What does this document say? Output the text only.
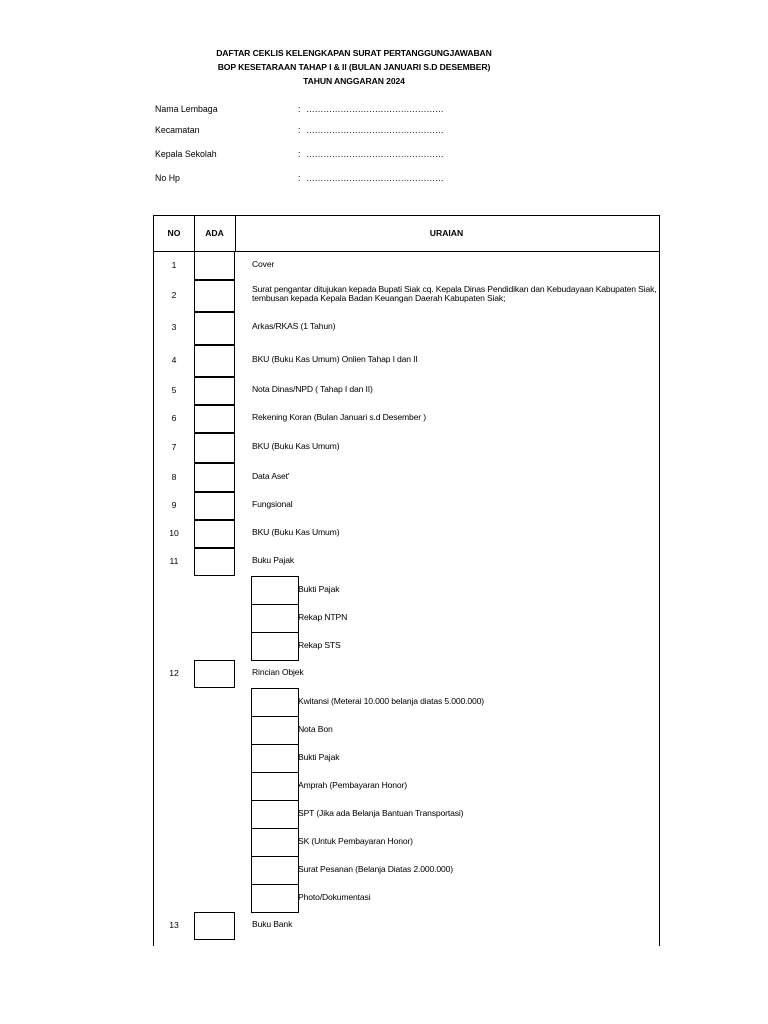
DAFTAR CEKLIS KELENGKAPAN SURAT PERTANGGUNGJAWABAN
BOP KESETARAAN TAHAP I & II (BULAN JANUARI S.D DESEMBER)
TAHUN ANGGARAN 2024
Nama Lembaga	: …………………………………………
Kecamatan	: …………………………………………
Kepala Sekolah	: …………………………………………
No Hp	: …………………………………………
NO	ADA	URAIAN
1	Cover
2
Surat pengantar ditujukan kepada Bupati Siak cq. Kepala Dinas Pendidikan dan Kebudayaan Kabupaten Siak,
tembusan kepada Kepala Badan Keuangan Daerah Kabupaten Siak;
3	Arkas/RKAS (1 Tahun)
4	BKU (Buku Kas Umum) Onlien Tahap I dan II
5	Nota Dinas/NPD ( Tahap I dan II)
6	Rekening Koran (Bulan Januari s.d Desember )
7	BKU (Buku Kas Umum)
8	Data Aset'
9	Fungsional
10	BKU (Buku Kas Umum)
11	Buku Pajak
Bukti Pajak
Rekap NTPN
Rekap STS
12	Rincian Objek
Kwitansi (Meterai 10.000 belanja diatas 5.000.000)
Nota Bon
Bukti Pajak
Amprah (Pembayaran Honor)
SPT (Jika ada Belanja Bantuan Transportasi)
SK (Untuk Pembayaran Honor)
Surat Pesanan (Belanja Diatas 2.000.000)
Photo/Dokumentasi
13	Buku Bank
